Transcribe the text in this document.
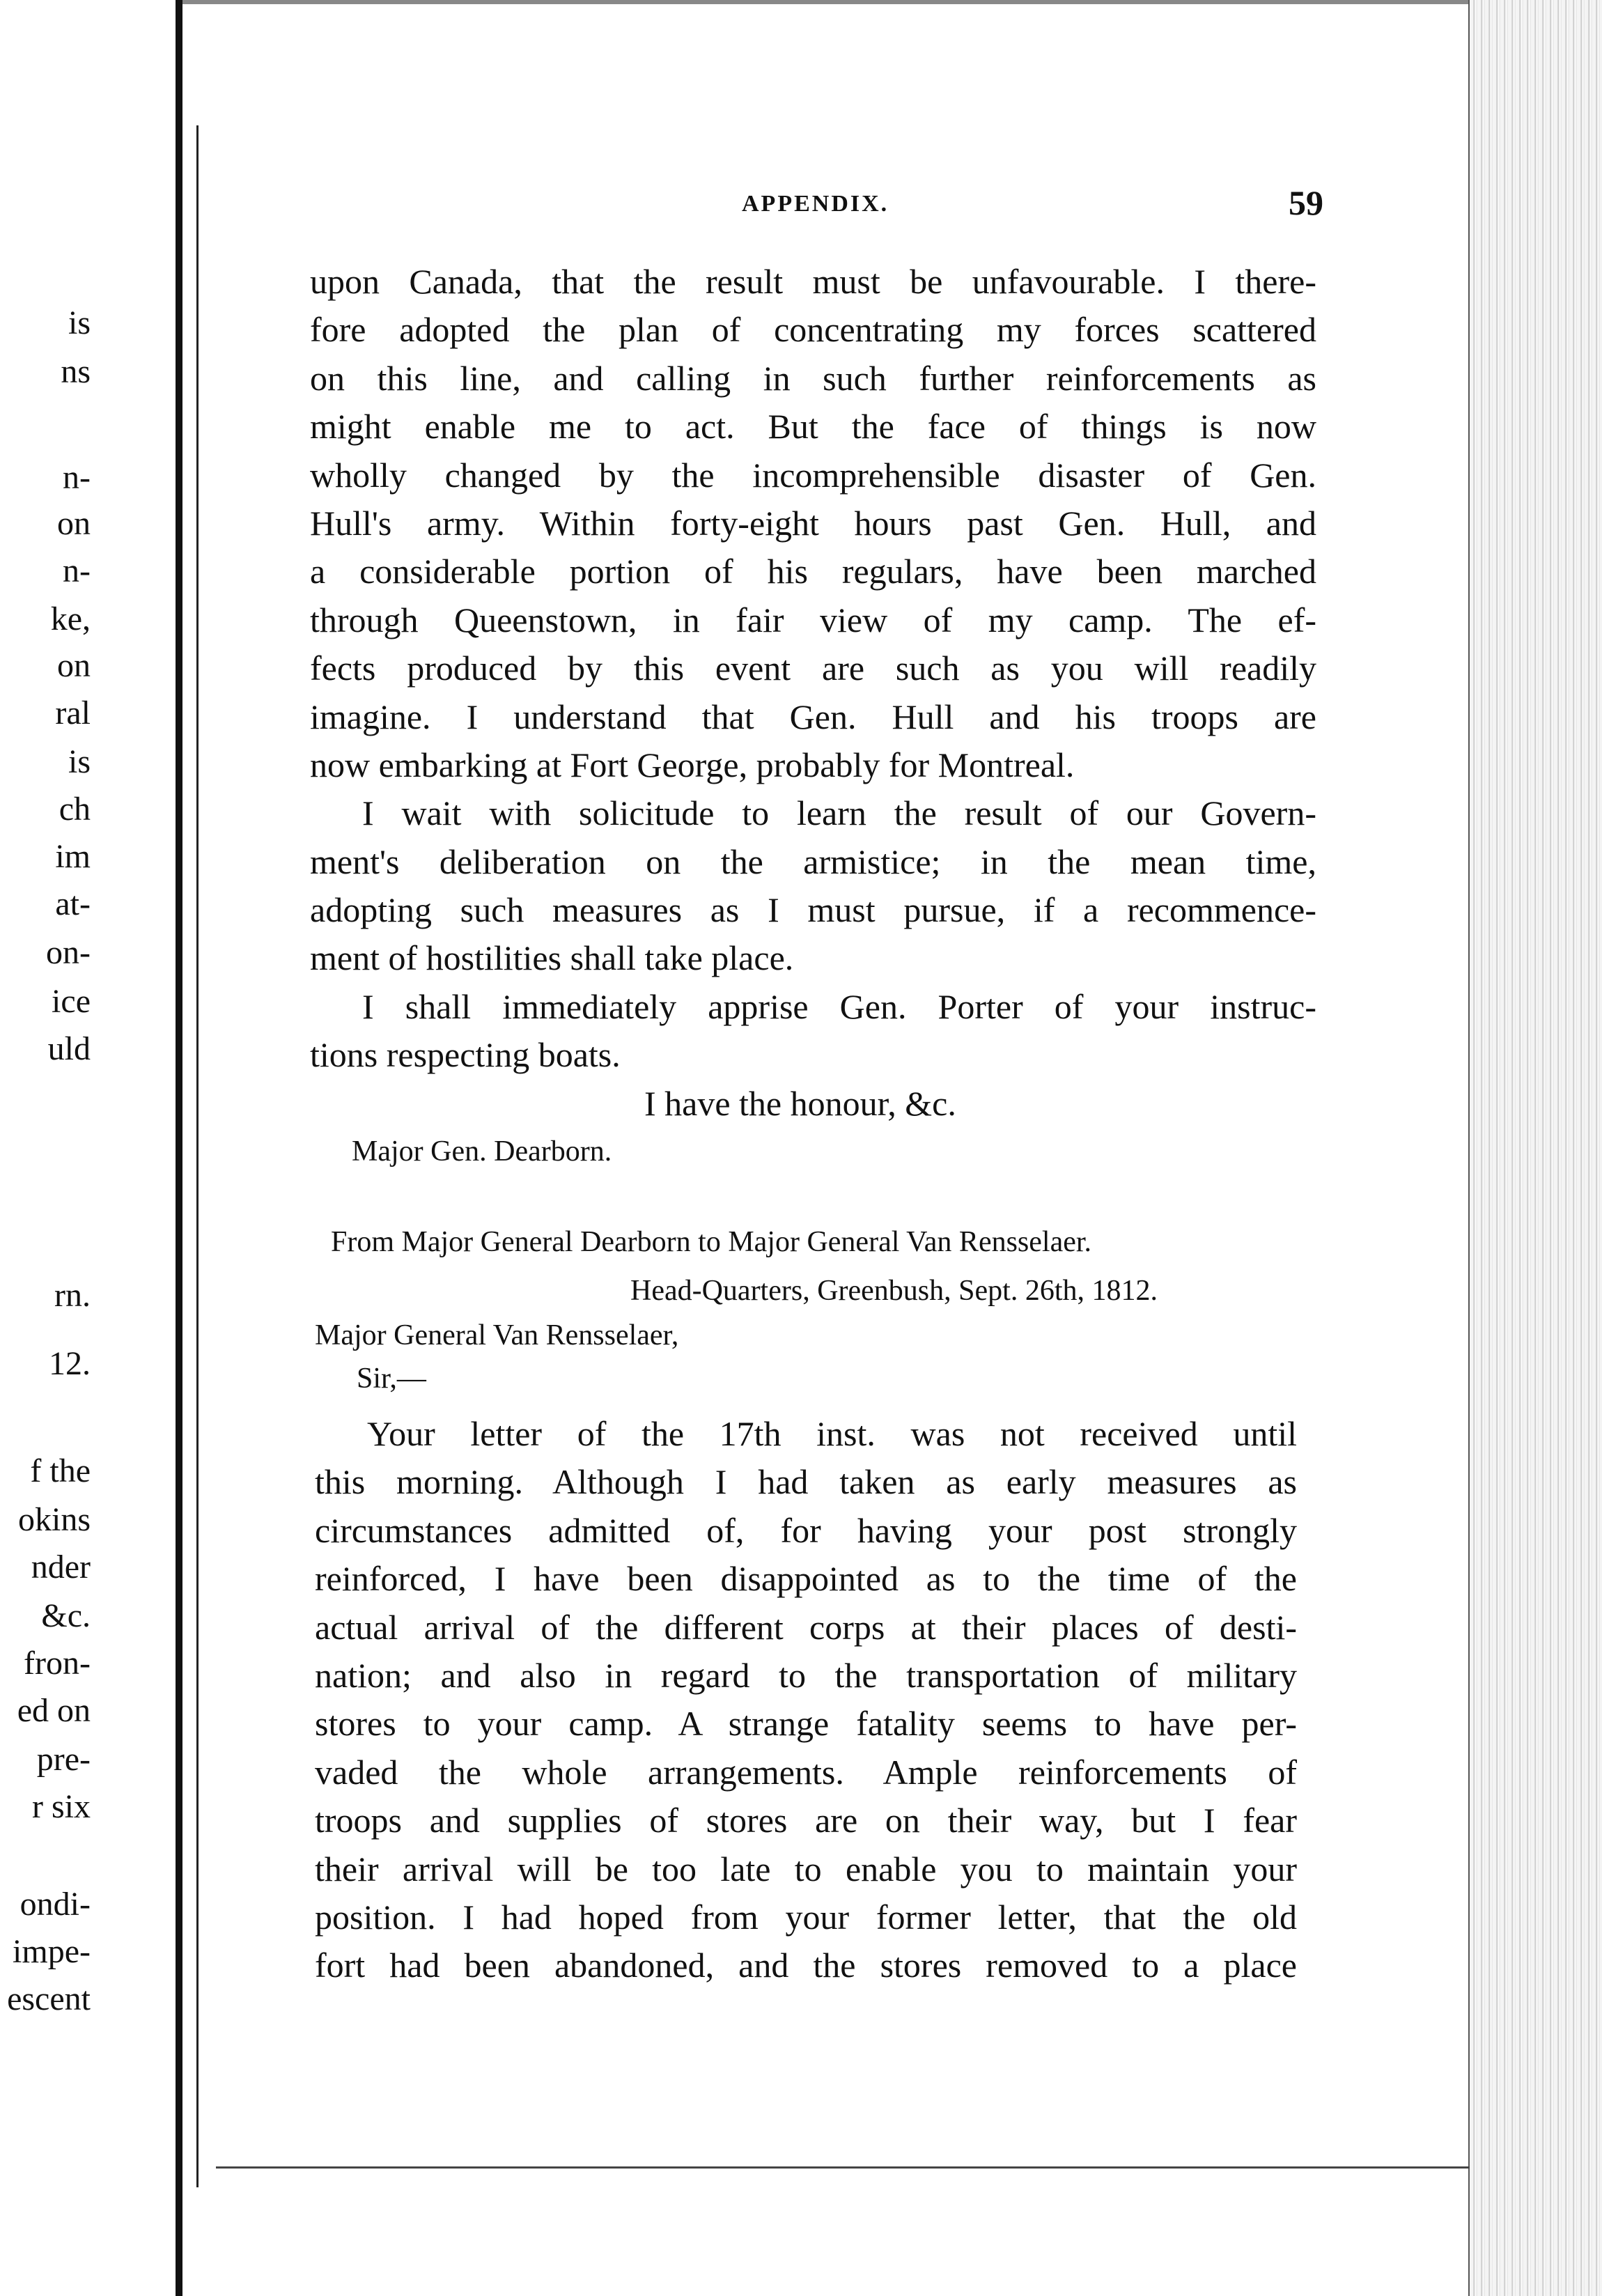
is
ns
n-
on
n-
ke,
on
ral
is
ch
im
at-
on-
ice
uld
rn.
12.
f the
okins
nder
&c.
fron-
ed on
pre-
r six
ondi-
impe-
escent
APPENDIX.	59
upon Canada, that the result must be unfavourable. I there-
fore adopted the plan of concentrating my forces scattered
on this line, and calling in such further reinforcements as
might enable me to act. But the face of things is now
wholly changed by the incomprehensible disaster of Gen.
Hull's army. Within forty-eight hours past Gen. Hull, and
a considerable portion of his regulars, have been marched
through Queenstown, in fair view of my camp. The ef-
fects produced by this event are such as you will readily
imagine. I understand that Gen. Hull and his troops are
now embarking at Fort George, probably for Montreal.
I wait with solicitude to learn the result of our Govern-
ment's deliberation on the armistice; in the mean time,
adopting such measures as I must pursue, if a recommence-
ment of hostilities shall take place.
I shall immediately apprise Gen. Porter of your instruc-
tions respecting boats.
I have the honour, &c.
Major Gen. Dearborn.
From Major General Dearborn to Major General Van Rensselaer.
Head-Quarters, Greenbush, Sept. 26th, 1812.
Major General Van Rensselaer,
Sir,—
Your letter of the 17th inst. was not received until
this morning. Although I had taken as early measures as
circumstances admitted of, for having your post strongly
reinforced, I have been disappointed as to the time of the
actual arrival of the different corps at their places of desti-
nation; and also in regard to the transportation of military
stores to your camp. A strange fatality seems to have per-
vaded the whole arrangements. Ample reinforcements of
troops and supplies of stores are on their way, but I fear
their arrival will be too late to enable you to maintain your
position. I had hoped from your former letter, that the old
fort had been abandoned, and the stores removed to a place
